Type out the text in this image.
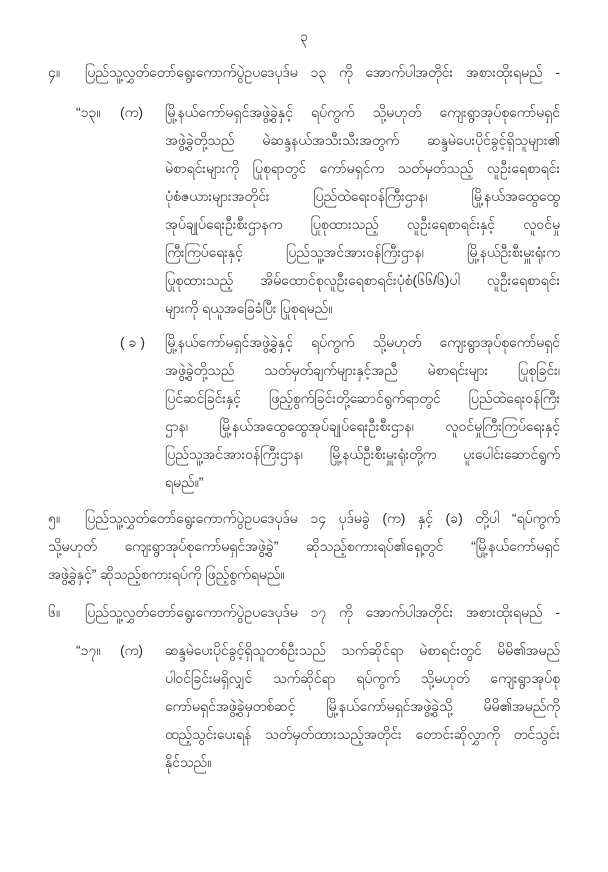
၃
၄။	ပြည်သူ့လွှတ်တော်ရွေးကောက်ပွဲဥပဒေပုဒ်မ ၁၃ ကို အောက်ပါအတိုင်း အစားထိုးရမည် -
“၁၃။	(က)	မြို့နယ်ကော်မရှင်အဖွဲ့ခွဲနှင့် ရပ်ကွက် သို့မဟုတ် ကျေးရွာအုပ်စုကော်မရှင်
အဖွဲ့ခွဲတို့သည် မဲဆန္ဒနယ်အသီးသီးအတွက် ဆန္ဒမဲပေးပိုင်ခွင့်ရှိသူများ၏
မဲစာရင်းများကို ပြုစုရာတွင် ကော်မရှင်က သတ်မှတ်သည့် လူဦးရေစာရင်း
ပုံစံဇယားများအတိုင်း ပြည်ထဲရေးဝန်ကြီးဌာန၊ မြို့နယ်အထွေထွေ
အုပ်ချုပ်ရေးဦးစီးဌာနက ပြုစုထားသည့် လူဦးရေစာရင်းနှင့် လူဝင်မှု
ကြီးကြပ်ရေးနှင့် ပြည်သူ့အင်အားဝန်ကြီးဌာန၊ မြို့နယ်ဦးစီးမှူးရုံးက
ပြုစုထားသည့် အိမ်ထောင်စုလူဦးရေစာရင်းပုံစံ(၆၆/၆)ပါ လူဦးရေစာရင်း
များကို ရယူအခြေခံပြီး ပြုစုရမည်။
( ခ )	မြို့နယ်ကော်မရှင်အဖွဲ့ခွဲနှင့် ရပ်ကွက် သို့မဟုတ် ကျေးရွာအုပ်စုကော်မရှင်
အဖွဲ့ခွဲတို့သည် သတ်မှတ်ချက်များနှင့်အညီ မဲစာရင်းများ ပြုစုခြင်း၊
ပြင်ဆင်ခြင်းနှင့် ဖြည့်စွက်ခြင်းတို့ဆောင်ရွက်ရာတွင် ပြည်ထဲရေးဝန်ကြီး
ဌာန၊ မြို့နယ်အထွေထွေအုပ်ချုပ်ရေးဦးစီးဌာန၊ လူဝင်မှုကြီးကြပ်ရေးနှင့်
ပြည်သူ့အင်အားဝန်ကြီးဌာန၊ မြို့နယ်ဦးစီးမှူးရုံးတို့က ပူးပေါင်းဆောင်ရွက်
ရမည်။”
၅။	ပြည်သူ့လွှတ်တော်ရွေးကောက်ပွဲဥပဒေပုဒ်မ ၁၄ ပုဒ်မခွဲ (က) နှင့် (ခ) တို့ပါ “ရပ်ကွက်
သို့မဟုတ် ကျေးရွာအုပ်စုကော်မရှင်အဖွဲ့ခွဲ” ဆိုသည့်စကားရပ်၏ရှေ့တွင် “မြို့နယ်ကော်မရှင်
အဖွဲ့ခွဲနှင့်” ဆိုသည့်စကားရပ်ကို ဖြည့်စွက်ရမည်။
၆။	ပြည်သူ့လွှတ်တော်ရွေးကောက်ပွဲဥပဒေပုဒ်မ ၁၇ ကို အောက်ပါအတိုင်း အစားထိုးရမည် -
“၁၇။	(က)	ဆန္ဒမဲပေးပိုင်ခွင့်ရှိသူတစ်ဦးသည် သက်ဆိုင်ရာ မဲစာရင်းတွင် မိမိ၏အမည်
ပါဝင်ခြင်းမရှိလျှင် သက်ဆိုင်ရာ ရပ်ကွက် သို့မဟုတ် ကျေးရွာအုပ်စု
ကော်မရှင်အဖွဲ့ခွဲမှတစ်ဆင့် မြို့နယ်ကော်မရှင်အဖွဲ့ခွဲသို့ မိမိ၏အမည်ကို
ထည့်သွင်းပေးရန် သတ်မှတ်ထားသည့်အတိုင်း တောင်းဆိုလွှာကို တင်သွင်း
နိုင်သည်။
